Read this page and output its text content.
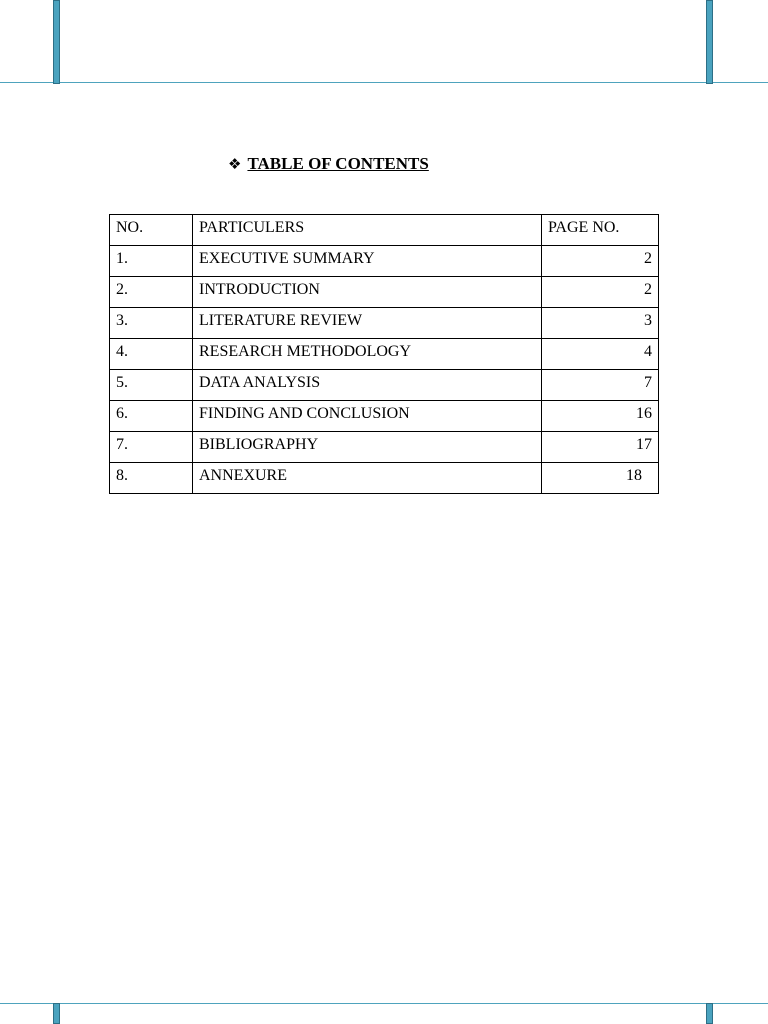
❖ TABLE OF CONTENTS
NO.	PARTICULERS	PAGE NO.
1.	EXECUTIVE SUMMARY	2
2.	INTRODUCTION	2
3.	LITERATURE REVIEW	3
4.	RESEARCH METHODOLOGY	4
5.	DATA ANALYSIS	7
6.	FINDING AND CONCLUSION	16
7.	BIBLIOGRAPHY	17
8.	ANNEXURE	18
